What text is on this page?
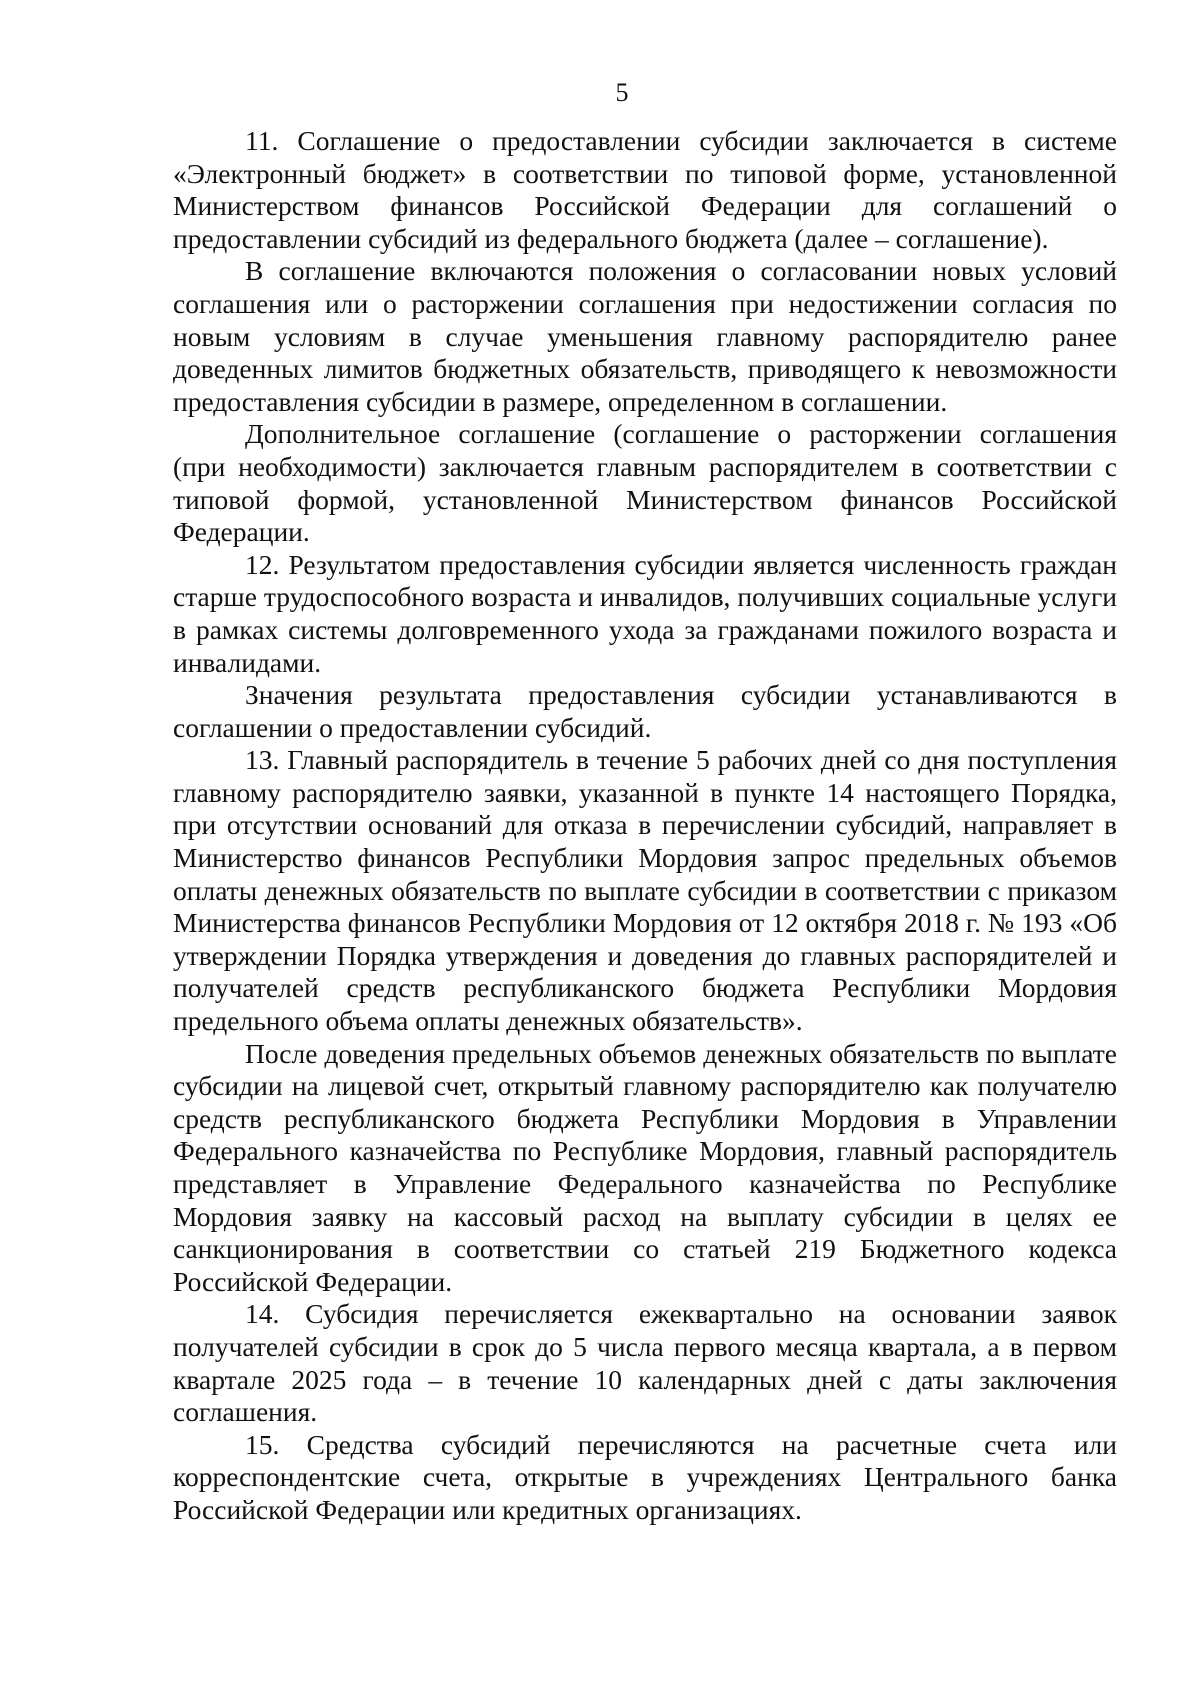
5

11. Соглашение о предоставлении субсидии заключается в системе «Электронный бюджет» в соответствии по типовой форме, установленной Министерством финансов Российской Федерации для соглашений о предоставлении субсидий из федерального бюджета (далее – соглашение).

В соглашение включаются положения о согласовании новых условий соглашения или о расторжении соглашения при недостижении согласия по новым условиям в случае уменьшения главному распорядителю ранее доведенных лимитов бюджетных обязательств, приводящего к невозможности предоставления субсидии в размере, определенном в соглашении.

Дополнительное соглашение (соглашение о расторжении соглашения (при необходимости) заключается главным распорядителем в соответствии с типовой формой, установленной Министерством финансов Российской Федерации.

12. Результатом предоставления субсидии является численность граждан старше трудоспособного возраста и инвалидов, получивших социальные услуги в рамках системы долговременного ухода за гражданами пожилого возраста и инвалидами.

Значения результата предоставления субсидии устанавливаются в соглашении о предоставлении субсидий.

13. Главный распорядитель в течение 5 рабочих дней со дня поступления главному распорядителю заявки, указанной в пункте 14 настоящего Порядка, при отсутствии оснований для отказа в перечислении субсидий, направляет в Министерство финансов Республики Мордовия запрос предельных объемов оплаты денежных обязательств по выплате субсидии в соответствии с приказом Министерства финансов Республики Мордовия от 12 октября 2018 г. № 193 «Об утверждении Порядка утверждения и доведения до главных распорядителей и получателей средств республиканского бюджета Республики Мордовия предельного объема оплаты денежных обязательств».

После доведения предельных объемов денежных обязательств по выплате субсидии на лицевой счет, открытый главному распорядителю как получателю средств республиканского бюджета Республики Мордовия в Управлении Федерального казначейства по Республике Мордовия, главный распорядитель представляет в Управление Федерального казначейства по Республике Мордовия заявку на кассовый расход на выплату субсидии в целях ее санкционирования в соответствии со статьей 219 Бюджетного кодекса Российской Федерации.

14. Субсидия перечисляется ежеквартально на основании заявок получателей субсидии в срок до 5 числа первого месяца квартала, а в первом квартале 2025 года – в течение 10 календарных дней с даты заключения соглашения.

15. Средства субсидий перечисляются на расчетные счета или корреспондентские счета, открытые в учреждениях Центрального банка Российской Федерации или кредитных организациях.
